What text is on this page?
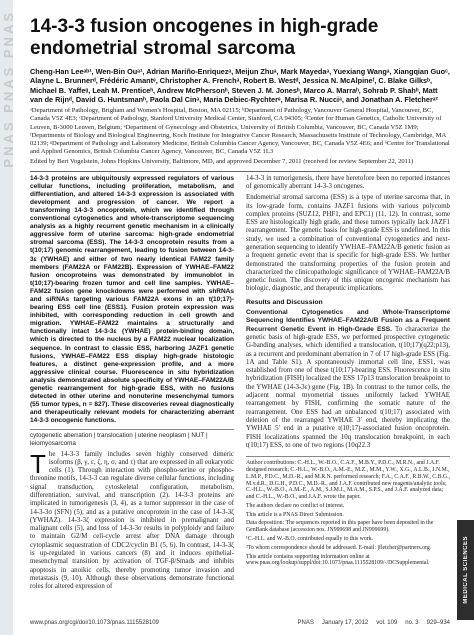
PNAS PNAS PNAS 14-3-3 fusion oncogenes in high-grade endometrial stromal sarcoma
Cheng-Han Leeᵃᵇ¹, Wen-Bin Ouᵃ¹, Adrian Mariño-Enriquezᵃ, Meijun Zhuᵃ, Mark Mayedaᵃ, Yuexiang Wangᵃ, Xiangqian Guoᶜ, Alayne L. Brunnerᵈ, Frédéric Amantᵉ, Christopher A. Frenchᵃ, Robert B. Westᵈ, Jessica N. McAlpineᶠ, C. Blake Gilksᵇ, Michael B. Yaffeᵍ, Leah M. Prenticeʰ, Andrew McPhersonʰ, Steven J. M. Jonesʰ, Marco A. Marraʰ, Sohrab P. Shahʰ, Matt van de Rijnᵈ, David G. Huntsmanʰ, Paola Dal Cinᵃ, Maria Debiec-Rychterᵉ, Marisa R. Nucciᵃ, and Jonathan A. Fletcherᵃ²
ᵃDepartment of Pathology, Brigham and Women's Hospital, Boston, MA 02115; ᵇDepartment of Pathology, Vancouver General Hospital, Vancouver, BC, Canada V5Z 4E3; ᶜDepartment of Pathology, Stanford University Medical Center, Stanford, CA 94305; ᵈCenter for Human Genetics, Catholic University of Leuven, B-3000 Leuven, Belgium; ᵉDepartment of Gynecology and Obstetrics, University of British Columbia, Vancouver, BC, Canada V5Z 1M9; ᶠDepartments of Biology and Biological Engineering, Koch Institute for Integrative Cancer Research, Massachusetts Institute of Technology, Cambridge, MA 02139; ᵍDepartment of Pathology and Laboratory Medicine, British Columbia Cancer Agency, Vancouver, BC, Canada V5Z 4E6; and ʰCentre for Translational and Applied Genomics, British Columbia Cancer Agency, Vancouver, BC, Canada V5Z 1L3
Edited by Bert Vogelstein, Johns Hopkins University, Baltimore, MD, and approved December 7, 2011 (received for review September 22, 2011)

14-3-3 proteins are ubiquitously expressed regulators of various cellular functions, including proliferation, metabolism, and differentiation, and altered 14-3-3 expression is associated with development and progression of cancer. We report a transforming 14-3-3 oncoprotein, which we identified through conventional cytogenetics and whole-transcriptome sequencing analysis as a highly recurrent genetic mechanism in a clinically aggressive form of uterine sarcoma: high-grade endometrial stromal sarcoma (ESS). The 14-3-3 oncoprotein results from a t(10;17) genomic rearrangement, leading to fusion between 14-3-3ε (YWHAE) and either of two nearly identical FAM22 family members (FAM22A or FAM22B). Expression of YWHAE–FAM22 fusion oncoproteins was demonstrated by immunoblot in t(10;17)-bearing frozen tumor and cell line samples. YWHAE–FAM22 fusion gene knockdowns were performed with shRNAs and siRNAs targeting various FAM22A exons in an t(10;17)-bearing ESS cell line (ESS1). Fusion protein expression was inhibited, with corresponding reduction in cell growth and migration. YWHAE–FAM22 maintains a structurally and functionally intact 14-3-3ε (YWHAE) protein-binding domain, which is directed to the nucleus by a FAM22 nuclear localization sequence. In contrast to classic ESS, harboring JAZF1 genetic fusions, YWHAE–FAM22 ESS display high-grade histologic features, a distinct gene-expression profile, and a more aggressive clinical course. Fluorescence in situ hybridization analysis demonstrated absolute specificity of YWHAE–FAM22A/B genetic rearrangement for high-grade ESS, with no fusions detected in other uterine and nonuterine mesenchymal tumors (55 tumor types, n = 827). These discoveries reveal diagnostically and therapeutically relevant models for characterizing aberrant 14-3-3 oncogenic functions.

cytogenetic aberration | translocation | uterine neoplasm | NUT | leiomyosarcoma

The 14-3-3 family includes seven highly conserved dimeric isoforms (β, γ, ε, ζ, η, σ, and τ) that are expressed in all eukaryotic cells (1). Through interaction with phospho-serine or phospho-threonine motifs, 14-3-3 can regulate diverse cellular functions, including signal transduction, cytoskeletal configuration, metabolism, differentiation, survival, and transcription (2). 14-3-3 proteins are implicated in tumorigenesis (3, 4), as a tumor suppressor in the case of 14-3-3σ (SFN) (5), and as a putative oncoprotein in the case of 14-3-3ζ (YWHAZ). 14-3-3ζ expression is inhibited in premalignant and malignant cells (5), and loss of 14-3-3σ results in polyploidy and failure to maintain G2/M cell-cycle arrest after DNA damage through cytoplasmic sequestration of CDC2/cyclin B1 (5, 6). In contrast, 14-3-3ζ is up-regulated in various cancers (8) and it induces epithelial-mesenchymal transition by activation of TGF-β/Smads and inhibits apoptosis in anoikic cells, thereby promoting tumor invasion and metastasis (9, 10). Although these observations demonstrate functional roles for altered expression of

14-3-3 in tumorigenesis, there have heretofore been no reported instances of genomically aberrant 14-3-3 oncogenes.

Endometrial stromal sarcoma (ESS) is a type of uterine sarcoma that, in its low-grade form, contains JAZF1 fusions with various polycomb complex proteins (SUZ12, PHF1, and EPC1) (11, 12). In contrast, some ESS are histologically high grade, and these tumors typically lack JAZF1 rearrangement. The genetic basis for high-grade ESS is undefined. In this study, we used a combination of conventional cytogenetics and next-generation sequencing to identify YWHAE–FAM22A/B genetic fusion as a frequent genetic event that is specific for high-grade ESS. We further demonstrated the transforming properties of the fusion protein and characterized the clinicopathologic significance of YWHAE–FAM22A/B genetic fusion. The discovery of this unique oncogenic mechanism has biologic, diagnostic, and therapeutic implications.

Results and Discussion

Conventional Cytogenetics and Whole-Transcriptome Sequencing Identifies YWHAE–FAM22A/B Fusion as a Frequent Recurrent Genetic Event in High-Grade ESS. To characterize the genetic basis of high-grade ESS, we performed prospective cytogenetic G-banding analyses, which identified a translocation, t(10;17)(q22;p13), as a recurrent and predominant aberration in 7 of 17 high-grade ESS (Fig. 1A and Table S1). A spontaneously immortal cell line, ESS1, was established from one of these t(10;17)-bearing ESS. Fluorescence in situ hybridization (FISH) localized the ESS 17p13 translocation breakpoint to the YWHAE (14-3-3ε) gene (Fig. 1B). In contrast to the tumor cells, the adjacent normal myometrial tissues uniformly lacked YWHAE rearrangement by FISH, confirming the somatic nature of the rearrangement. One ESS had an unbalanced t(10;17) associated with deletion of the rearranged YWHAE 3′ end, thereby implicating the YWHAE 5′ end in a putative t(10;17)-associated fusion oncoprotein. FISH localizations spanned the 10q translocation breakpoint, in each t(10;17) ESS, to one of two regions (10q22.3

Author contributions: C.-H.L., W.-B.O., C.A.F., M.B.Y., P.D.C., M.R.N., and J.A.F. designed research; C.-H.L., W.-B.O., A.M.-E., M.Z., M.M., Y.W., X.G., A.L.B., J.N.M., L.M.P., P.D.C., M.D.-R., and M.R.N. performed research; F.A., C.A.F., R.B.W., C.B.G., M.v.d.R., D.G.H., P.D.C., M.D.-R., and J.A.F. contributed new reagents/analytic tools; C.-H.L., W.-B.O., A.M.-E., A.M., S.J.M.J., M.A.M., S.P.S., and J.A.F. analyzed data; and C.-H.L., W.-B.O., and J.A.F. wrote the paper.

The authors declare no conflict of interest.

This article is a PNAS Direct Submission.

Data deposition: The sequences reported in this paper have been deposited in the GenBank database (accession nos. JN999698 and JN999699).

¹C.-H.L. and W.-B.O. contributed equally to this work.

²To whom correspondence should be addressed. E-mail: jfletcher@partners.org.

This article contains supporting information online at www.pnas.org/lookup/suppl/doi:10.1073/pnas.1115528109/-/DCSupplemental.	MEDICAL SCIENCES
www.pnas.org/cgi/doi/10.1073/pnas.1115528109	PNAS January 17, 2012 vol. 109 no. 3 929–934
